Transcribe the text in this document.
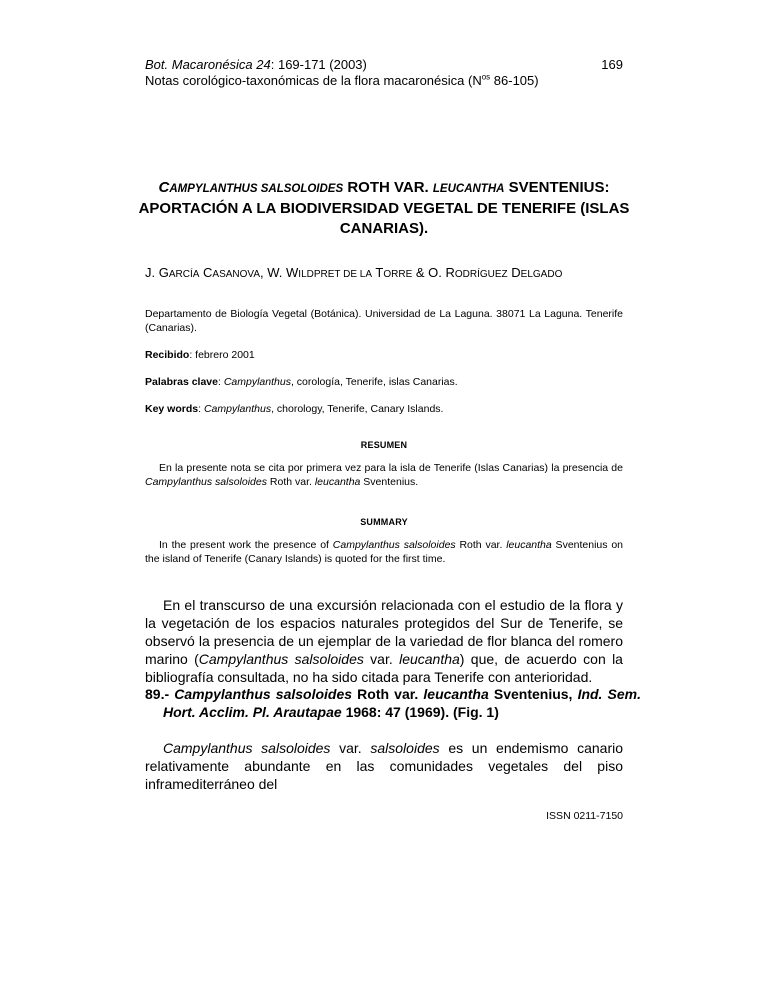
Bot. Macaronésica 24: 169-171 (2003)	169
Notas corológico-taxonómicas de la flora macaronésica ($N^{os}$ 86-105)
CAMPYLANTHUS SALSOLOIDES ROTH VAR. LEUCANTHA SVENTENIUS:
APORTACIÓN A LA BIODIVERSIDAD VEGETAL DE TENERIFE (ISLAS
CANARIAS).
J. GARCÍA CASANOVA, W. WILDPRET DE LA TORRE & O. RODRÍGUEZ DELGADO
Departamento de Biología Vegetal (Botánica). Universidad de La Laguna. 38071 La Laguna. Tenerife (Canarias).
Recibido: febrero 2001
Palabras clave: Campylanthus, corología, Tenerife, islas Canarias.
Key words: Campylanthus, chorology, Tenerife, Canary Islands.
RESUMEN
En la presente nota se cita por primera vez para la isla de Tenerife (Islas Canarias) la presencia de Campylanthus salsoloides Roth var. leucantha Sventenius.
SUMMARY
In the present work the presence of Campylanthus salsoloides Roth var. leucantha Sventenius on the island of Tenerife (Canary Islands) is quoted for the first time.
En el transcurso de una excursión relacionada con el estudio de la flora y la vegetación de los espacios naturales protegidos del Sur de Tenerife, se observó la presencia de un ejemplar de la variedad de flor blanca del romero marino (Campylanthus salsoloides var. leucantha) que, de acuerdo con la bibliografía consultada, no ha sido citada para Tenerife con anterioridad.
89.- Campylanthus salsoloides Roth var. leucantha Sventenius, Ind. Sem. Hort. Acclim. Pl. Arautapae 1968: 47 (1969). (Fig. 1)
Campylanthus salsoloides var. salsoloides es un endemismo canario relativamente abundante en las comunidades vegetales del piso inframediterráneo del
ISSN 0211-7150
